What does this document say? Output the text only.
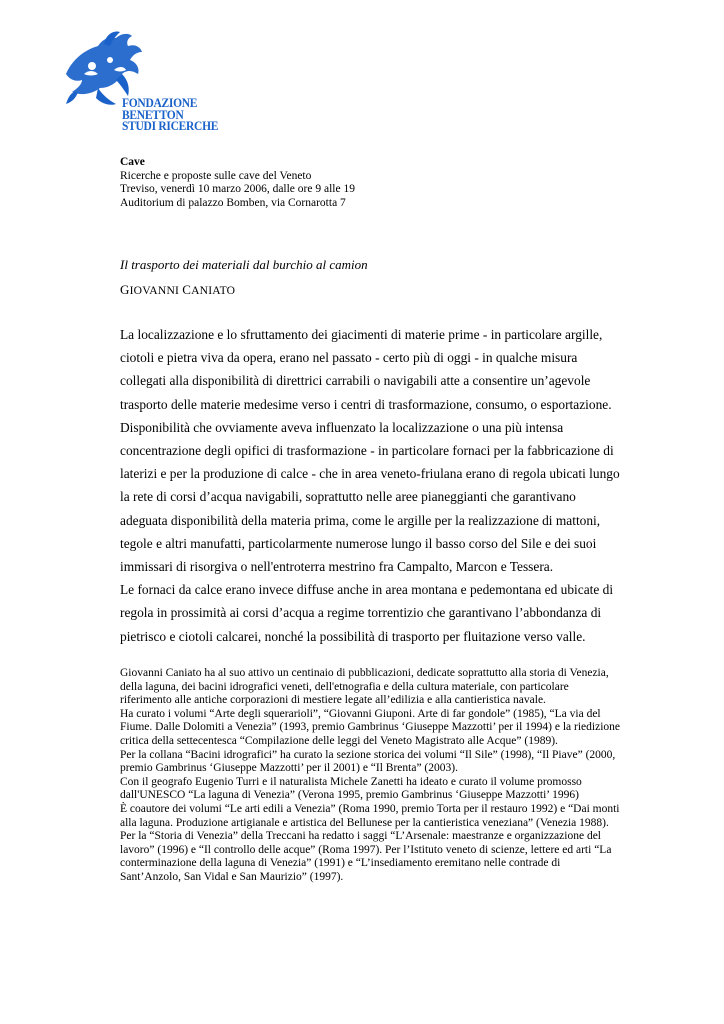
FONDAZIONE
BENETTON
STUDI RICERCHE
Cave
Ricerche e proposte sulle cave del Veneto
Treviso, venerdì 10 marzo 2006, dalle ore 9 alle 19
Auditorium di palazzo Bomben, via Cornarotta 7
Il trasporto dei materiali dal burchio al camion
GIOVANNI CANIATO

La localizzazione e lo sfruttamento dei giacimenti di materie prime - in particolare argille, ciotoli e pietra viva da opera, erano nel passato - certo più di oggi - in qualche misura collegati alla disponibilità di direttrici carrabili o navigabili atte a consentire un’agevole trasporto delle materie medesime verso i centri di trasformazione, consumo, o esportazione.

Disponibilità che ovviamente aveva influenzato la localizzazione o una più intensa concentrazione degli opifici di trasformazione - in particolare fornaci per la fabbricazione di laterizi e per la produzione di calce - che in area veneto-friulana erano di regola ubicati lungo la rete di corsi d’acqua navigabili, soprattutto nelle aree pianeggianti che garantivano adeguata disponibilità della materia prima, come le argille per la realizzazione di mattoni, tegole e altri manufatti, particolarmente numerose lungo il basso corso del Sile e dei suoi immissari di risorgiva o nell'entroterra mestrino fra Campalto, Marcon e Tessera.

Le fornaci da calce erano invece diffuse anche in area montana e pedemontana ed ubicate di regola in prossimità ai corsi d’acqua a regime torrentizio che garantivano l’abbondanza di pietrisco e ciotoli calcarei, nonché la possibilità di trasporto per fluitazione verso valle.

Giovanni Caniato ha al suo attivo un centinaio di pubblicazioni, dedicate soprattutto alla storia di Venezia, della laguna, dei bacini idrografici veneti, dell'etnografia e della cultura materiale, con particolare riferimento alle antiche corporazioni di mestiere legate all’edilizia e alla cantieristica navale.

Ha curato i volumi “Arte degli squerarioli”, “Giovanni Giuponi. Arte di far gondole” (1985), “La via del Fiume. Dalle Dolomiti a Venezia” (1993, premio Gambrinus ‘Giuseppe Mazzotti’ per il 1994) e la riedizione critica della settecentesca “Compilazione delle leggi del Veneto Magistrato alle Acque” (1989).

Per la collana “Bacini idrografici” ha curato la sezione storica dei volumi “Il Sile” (1998), “Il Piave” (2000, premio Gambrinus ‘Giuseppe Mazzotti’ per il 2001) e “Il Brenta” (2003).

Con il geografo Eugenio Turri e il naturalista Michele Zanetti ha ideato e curato il volume promosso dall'UNESCO “La laguna di Venezia” (Verona 1995, premio Gambrinus ‘Giuseppe Mazzotti’ 1996)

È coautore dei volumi “Le arti edili a Venezia” (Roma 1990, premio Torta per il restauro 1992) e “Dai monti alla laguna. Produzione artigianale e artistica del Bellunese per la cantieristica veneziana” (Venezia 1988).

Per la “Storia di Venezia” della Treccani ha redatto i saggi “L’Arsenale: maestranze e organizzazione del lavoro” (1996) e “Il controllo delle acque” (Roma 1997). Per l’Istituto veneto di scienze, lettere ed arti “La conterminazione della laguna di Venezia” (1991) e “L’insediamento eremitano nelle contrade di Sant’Anzolo, San Vidal e San Maurizio” (1997).
